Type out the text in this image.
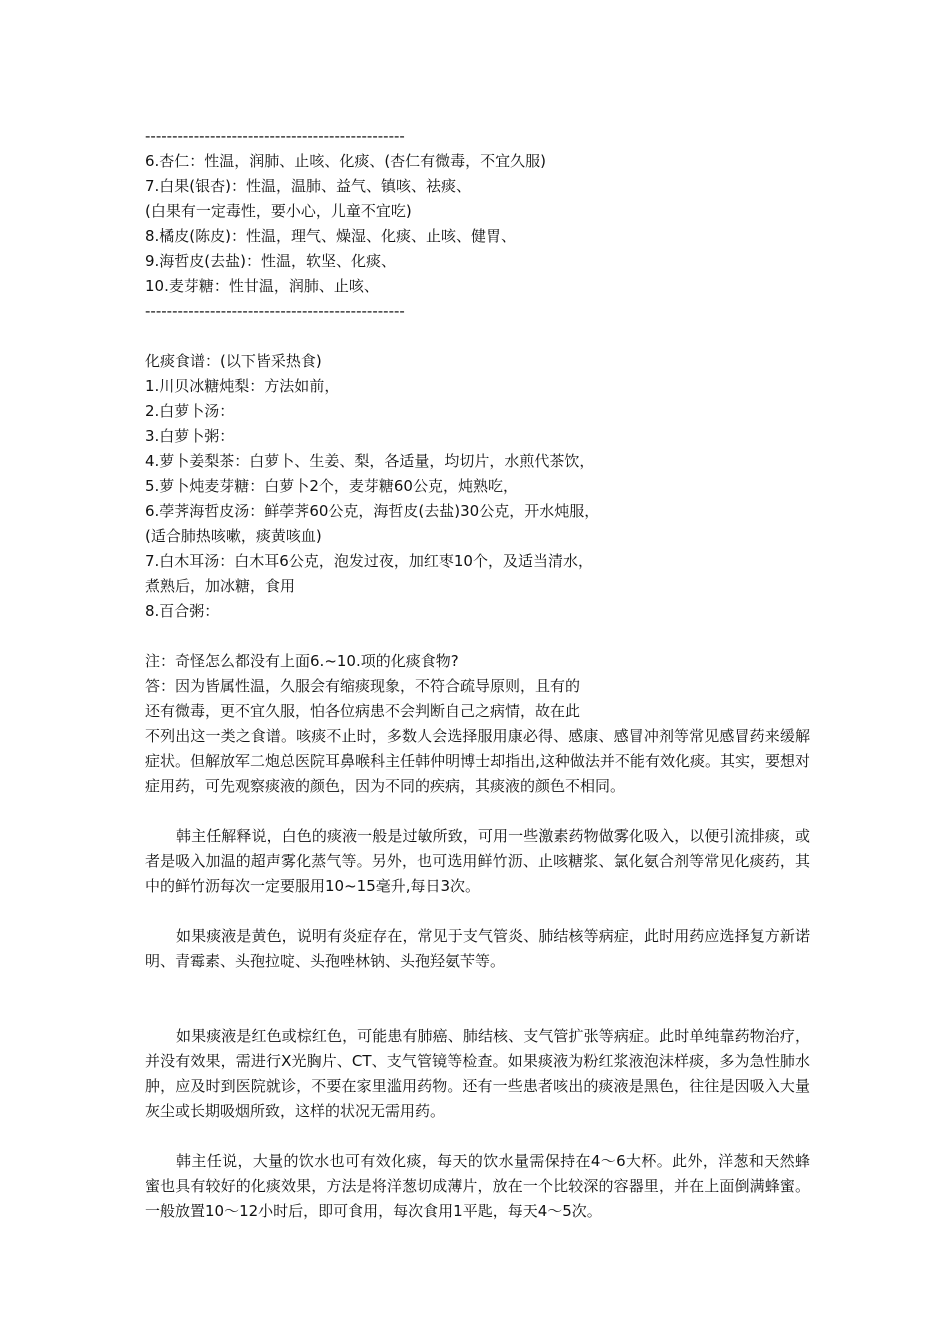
------------------------------------------------
6.杏仁：性温，润肺、止咳、化痰、(杏仁有微毒，不宜久服)
7.白果(银杏)：性温，温肺、益气、镇咳、祛痰、
(白果有一定毒性，要小心，儿童不宜吃)
8.橘皮(陈皮)：性温，理气、燥湿、化痰、止咳、健胃、
9.海哲皮(去盐)：性温，软坚、化痰、
10.麦芽糖：性甘温，润肺、止咳、
------------------------------------------------
化痰食谱：(以下皆采热食)
1.川贝冰糖炖梨：方法如前，
2.白萝卜汤：
3.白萝卜粥：
4.萝卜姜梨茶：白萝卜、生姜、梨，各适量，均切片，水煎代茶饮，
5.萝卜炖麦芽糖：白萝卜2个，麦芽糖60公克，炖熟吃，
6.荸荠海哲皮汤：鲜荸荠60公克，海哲皮(去盐)30公克，开水炖服，
(适合肺热咳嗽，痰黄咳血)
7.白木耳汤：白木耳6公克，泡发过夜，加红枣10个，及适当清水，
煮熟后，加冰糖，食用
8.百合粥：
注：奇怪怎么都没有上面6.~10.项的化痰食物?
答：因为皆属性温，久服会有缩痰现象，不符合疏导原则，且有的
还有微毒，更不宜久服，怕各位病患不会判断自己之病情，故在此

不列出这一类之食谱。咳痰不止时，多数人会选择服用康必得、感康、感冒冲剂等常见感冒药来缓解症状。但解放军二炮总医院耳鼻喉科主任韩仲明博士却指出,这种做法并不能有效化痰。其实，要想对症用药，可先观察痰液的颜色，因为不同的疾病，其痰液的颜色不相同。

韩主任解释说，白色的痰液一般是过敏所致，可用一些激素药物做雾化吸入，以便引流排痰，或者是吸入加温的超声雾化蒸气等。另外，也可选用鲜竹沥、止咳糖浆、氯化氨合剂等常见化痰药，其中的鲜竹沥每次一定要服用10~15毫升,每日3次。

如果痰液是黄色，说明有炎症存在，常见于支气管炎、肺结核等病症，此时用药应选择复方新诺明、青霉素、头孢拉啶、头孢唑林钠、头孢羟氨苄等。

如果痰液是红色或棕红色，可能患有肺癌、肺结核、支气管扩张等病症。此时单纯靠药物治疗，并没有效果，需进行X光胸片、CT、支气管镜等检查。如果痰液为粉红浆液泡沫样痰，多为急性肺水肿，应及时到医院就诊，不要在家里滥用药物。还有一些患者咳出的痰液是黑色，往往是因吸入大量灰尘或长期吸烟所致，这样的状况无需用药。

韩主任说，大量的饮水也可有效化痰，每天的饮水量需保持在4～6大杯。此外，洋葱和天然蜂蜜也具有较好的化痰效果，方法是将洋葱切成薄片，放在一个比较深的容器里，并在上面倒满蜂蜜。一般放置10～12小时后，即可食用，每次食用1平匙，每天4～5次。
